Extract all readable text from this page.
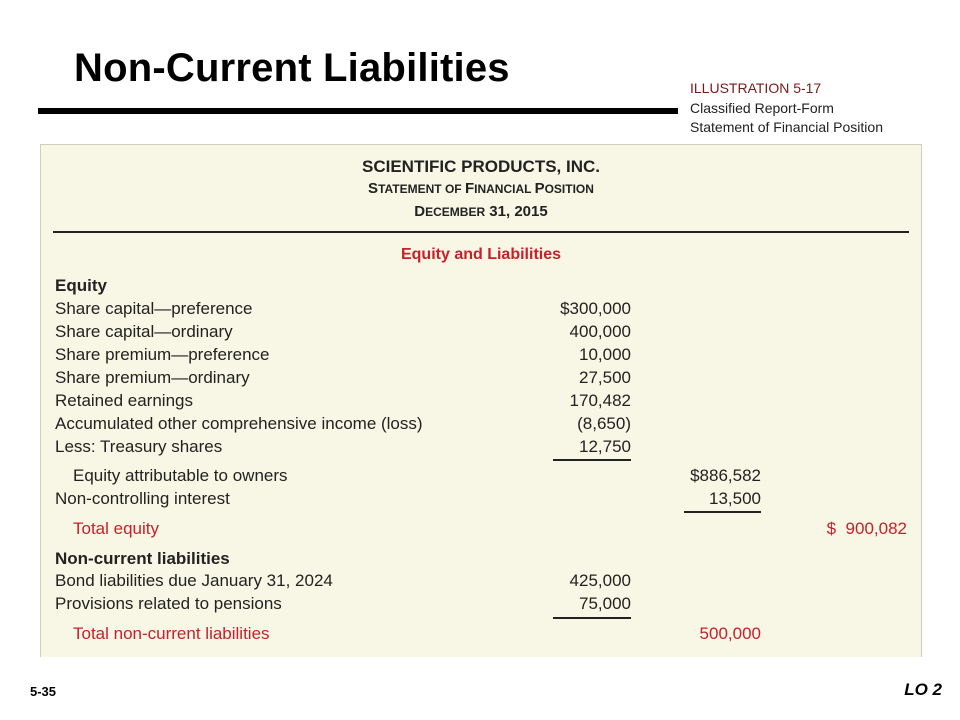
Non-Current Liabilities	ILLUSTRATION 5-17
Classified Report-Form
Statement of Financial Position
SCIENTIFIC PRODUCTS, INC.
STATEMENT OF FINANCIAL POSITION
DECEMBER 31, 2015
Equity and Liabilities
Equity
Share capital—preference	$300,000
Share capital—ordinary	400,000
Share premium—preference	10,000
Share premium—ordinary	27,500
Retained earnings	170,482
Accumulated other comprehensive income (loss)	(8,650)
Less: Treasury shares	12,750
Equity attributable to owners	$886,582
Non-controlling interest	13,500
Total equity	$ 900,082
Non-current liabilities
Bond liabilities due January 31, 2024	425,000
Provisions related to pensions	75,000
Total non-current liabilities	500,000
5-35	LO 2
